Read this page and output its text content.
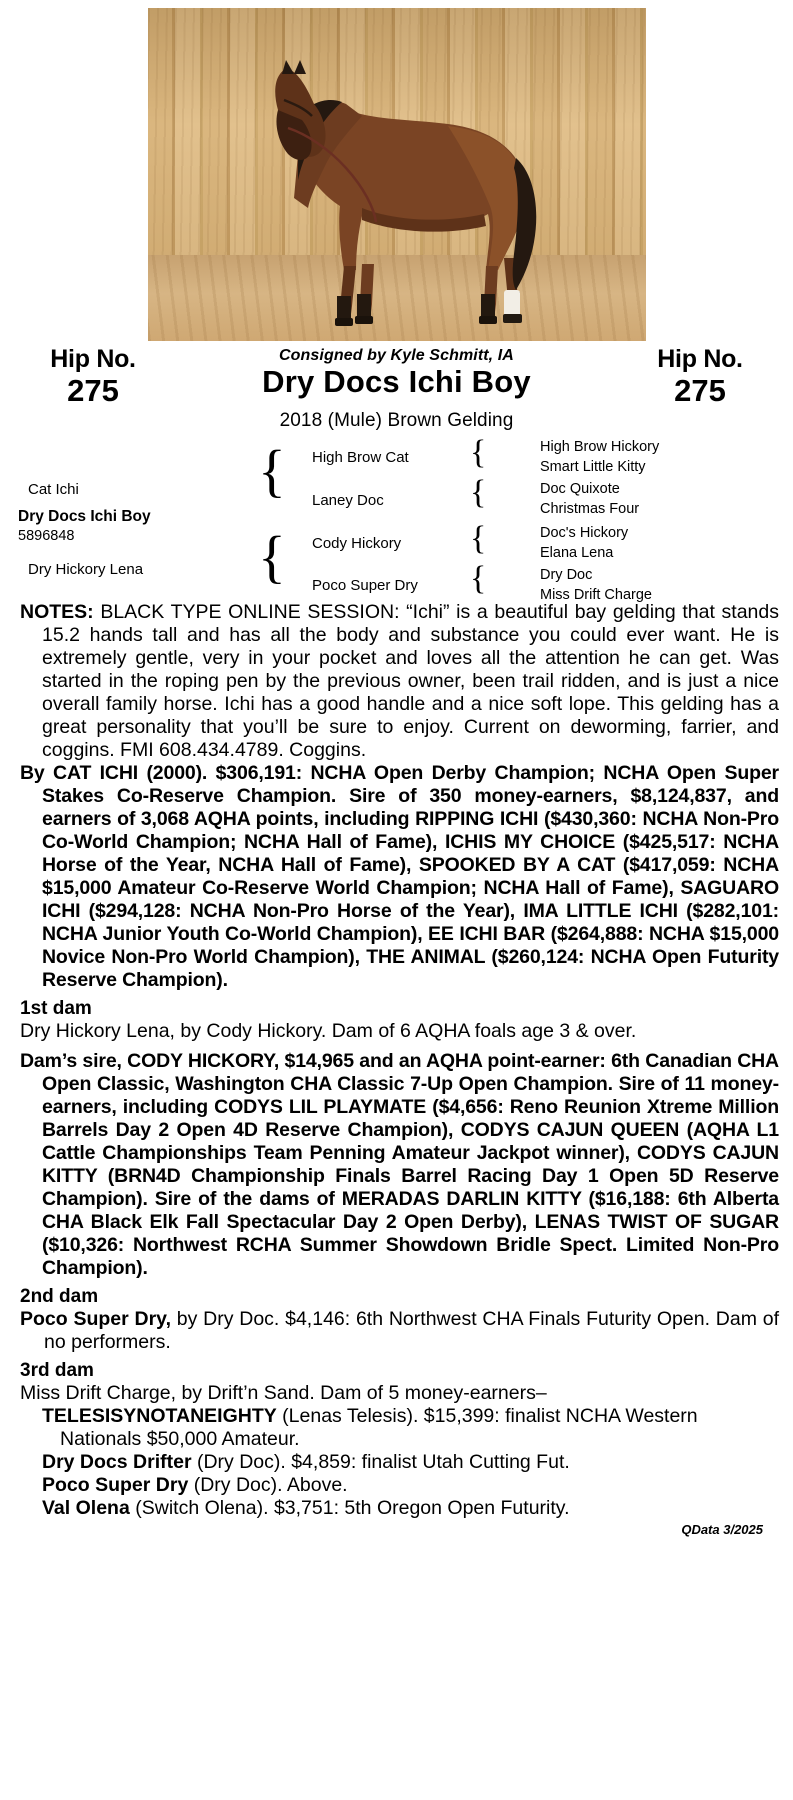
Hip No.
275
Consigned by Kyle Schmitt, IA
Dry Docs Ichi Boy
Hip No.
275
2018 (Mule) Brown Gelding
{
{
{
{
{
{
Cat Ichi
Dry Docs Ichi Boy
5896848
Dry Hickory Lena
High Brow Cat
Laney Doc
Cody Hickory
Poco Super Dry
High Brow Hickory
Smart Little Kitty
Doc Quixote
Christmas Four
Doc's Hickory
Elana Lena
Dry Doc
Miss Drift Charge

NOTES: BLACK TYPE ONLINE SESSION: “Ichi” is a beautiful bay gelding that stands 15.2 hands tall and has all the body and substance you could ever want. He is extremely gentle, very in your pocket and loves all the attention he can get. Was started in the roping pen by the previous owner, been trail ridden, and is just a nice overall family horse. Ichi has a good handle and a nice soft lope. This gelding has a great personality that you’ll be sure to enjoy. Current on deworming, farrier, and coggins. FMI 608.434.4789. Coggins.

By CAT ICHI (2000). $306,191: NCHA Open Derby Champion; NCHA Open Super Stakes Co-Reserve Champion. Sire of 350 money-earners, $8,124,837, and earners of 3,068 AQHA points, including RIPPING ICHI ($430,360: NCHA Non-Pro Co-World Champion; NCHA Hall of Fame), ICHIS MY CHOICE ($425,517: NCHA Horse of the Year, NCHA Hall of Fame), SPOOKED BY A CAT ($417,059: NCHA $15,000 Amateur Co-Reserve World Champion; NCHA Hall of Fame), SAGUARO ICHI ($294,128: NCHA Non-Pro Horse of the Year), IMA LITTLE ICHI ($282,101: NCHA Junior Youth Co-World Champion), EE ICHI BAR ($264,888: NCHA $15,000 Novice Non-Pro World Champion), THE ANIMAL ($260,124: NCHA Open Futurity Reserve Champion).

1st dam

Dry Hickory Lena, by Cody Hickory. Dam of 6 AQHA foals age 3 & over.

Dam’s sire, CODY HICKORY, $14,965 and an AQHA point-earner: 6th Canadian CHA Open Classic, Washington CHA Classic 7-Up Open Champion. Sire of 11 money-earners, including CODYS LIL PLAYMATE ($4,656: Reno Reunion Xtreme Million Barrels Day 2 Open 4D Reserve Champion), CODYS CAJUN QUEEN (AQHA L1 Cattle Championships Team Penning Amateur Jackpot winner), CODYS CAJUN KITTY (BRN4D Championship Finals Barrel Racing Day 1 Open 5D Reserve Champion). Sire of the dams of MERADAS DARLIN KITTY ($16,188: 6th Alberta CHA Black Elk Fall Spectacular Day 2 Open Derby), LENAS TWIST OF SUGAR ($10,326: Northwest RCHA Summer Showdown Bridle Spect. Limited Non-Pro Champion).

2nd dam

Poco Super Dry, by Dry Doc. $4,146: 6th Northwest CHA Finals Futurity Open. Dam of no performers.

3rd dam

Miss Drift Charge, by Drift’n Sand. Dam of 5 money-earners–

TELESISYNOTANEIGHTY (Lenas Telesis). $15,399: finalist NCHA Western Nationals $50,000 Amateur.

Dry Docs Drifter (Dry Doc). $4,859: finalist Utah Cutting Fut.

Poco Super Dry (Dry Doc). Above.

Val Olena (Switch Olena). $3,751: 5th Oregon Open Futurity.

QData 3/2025
